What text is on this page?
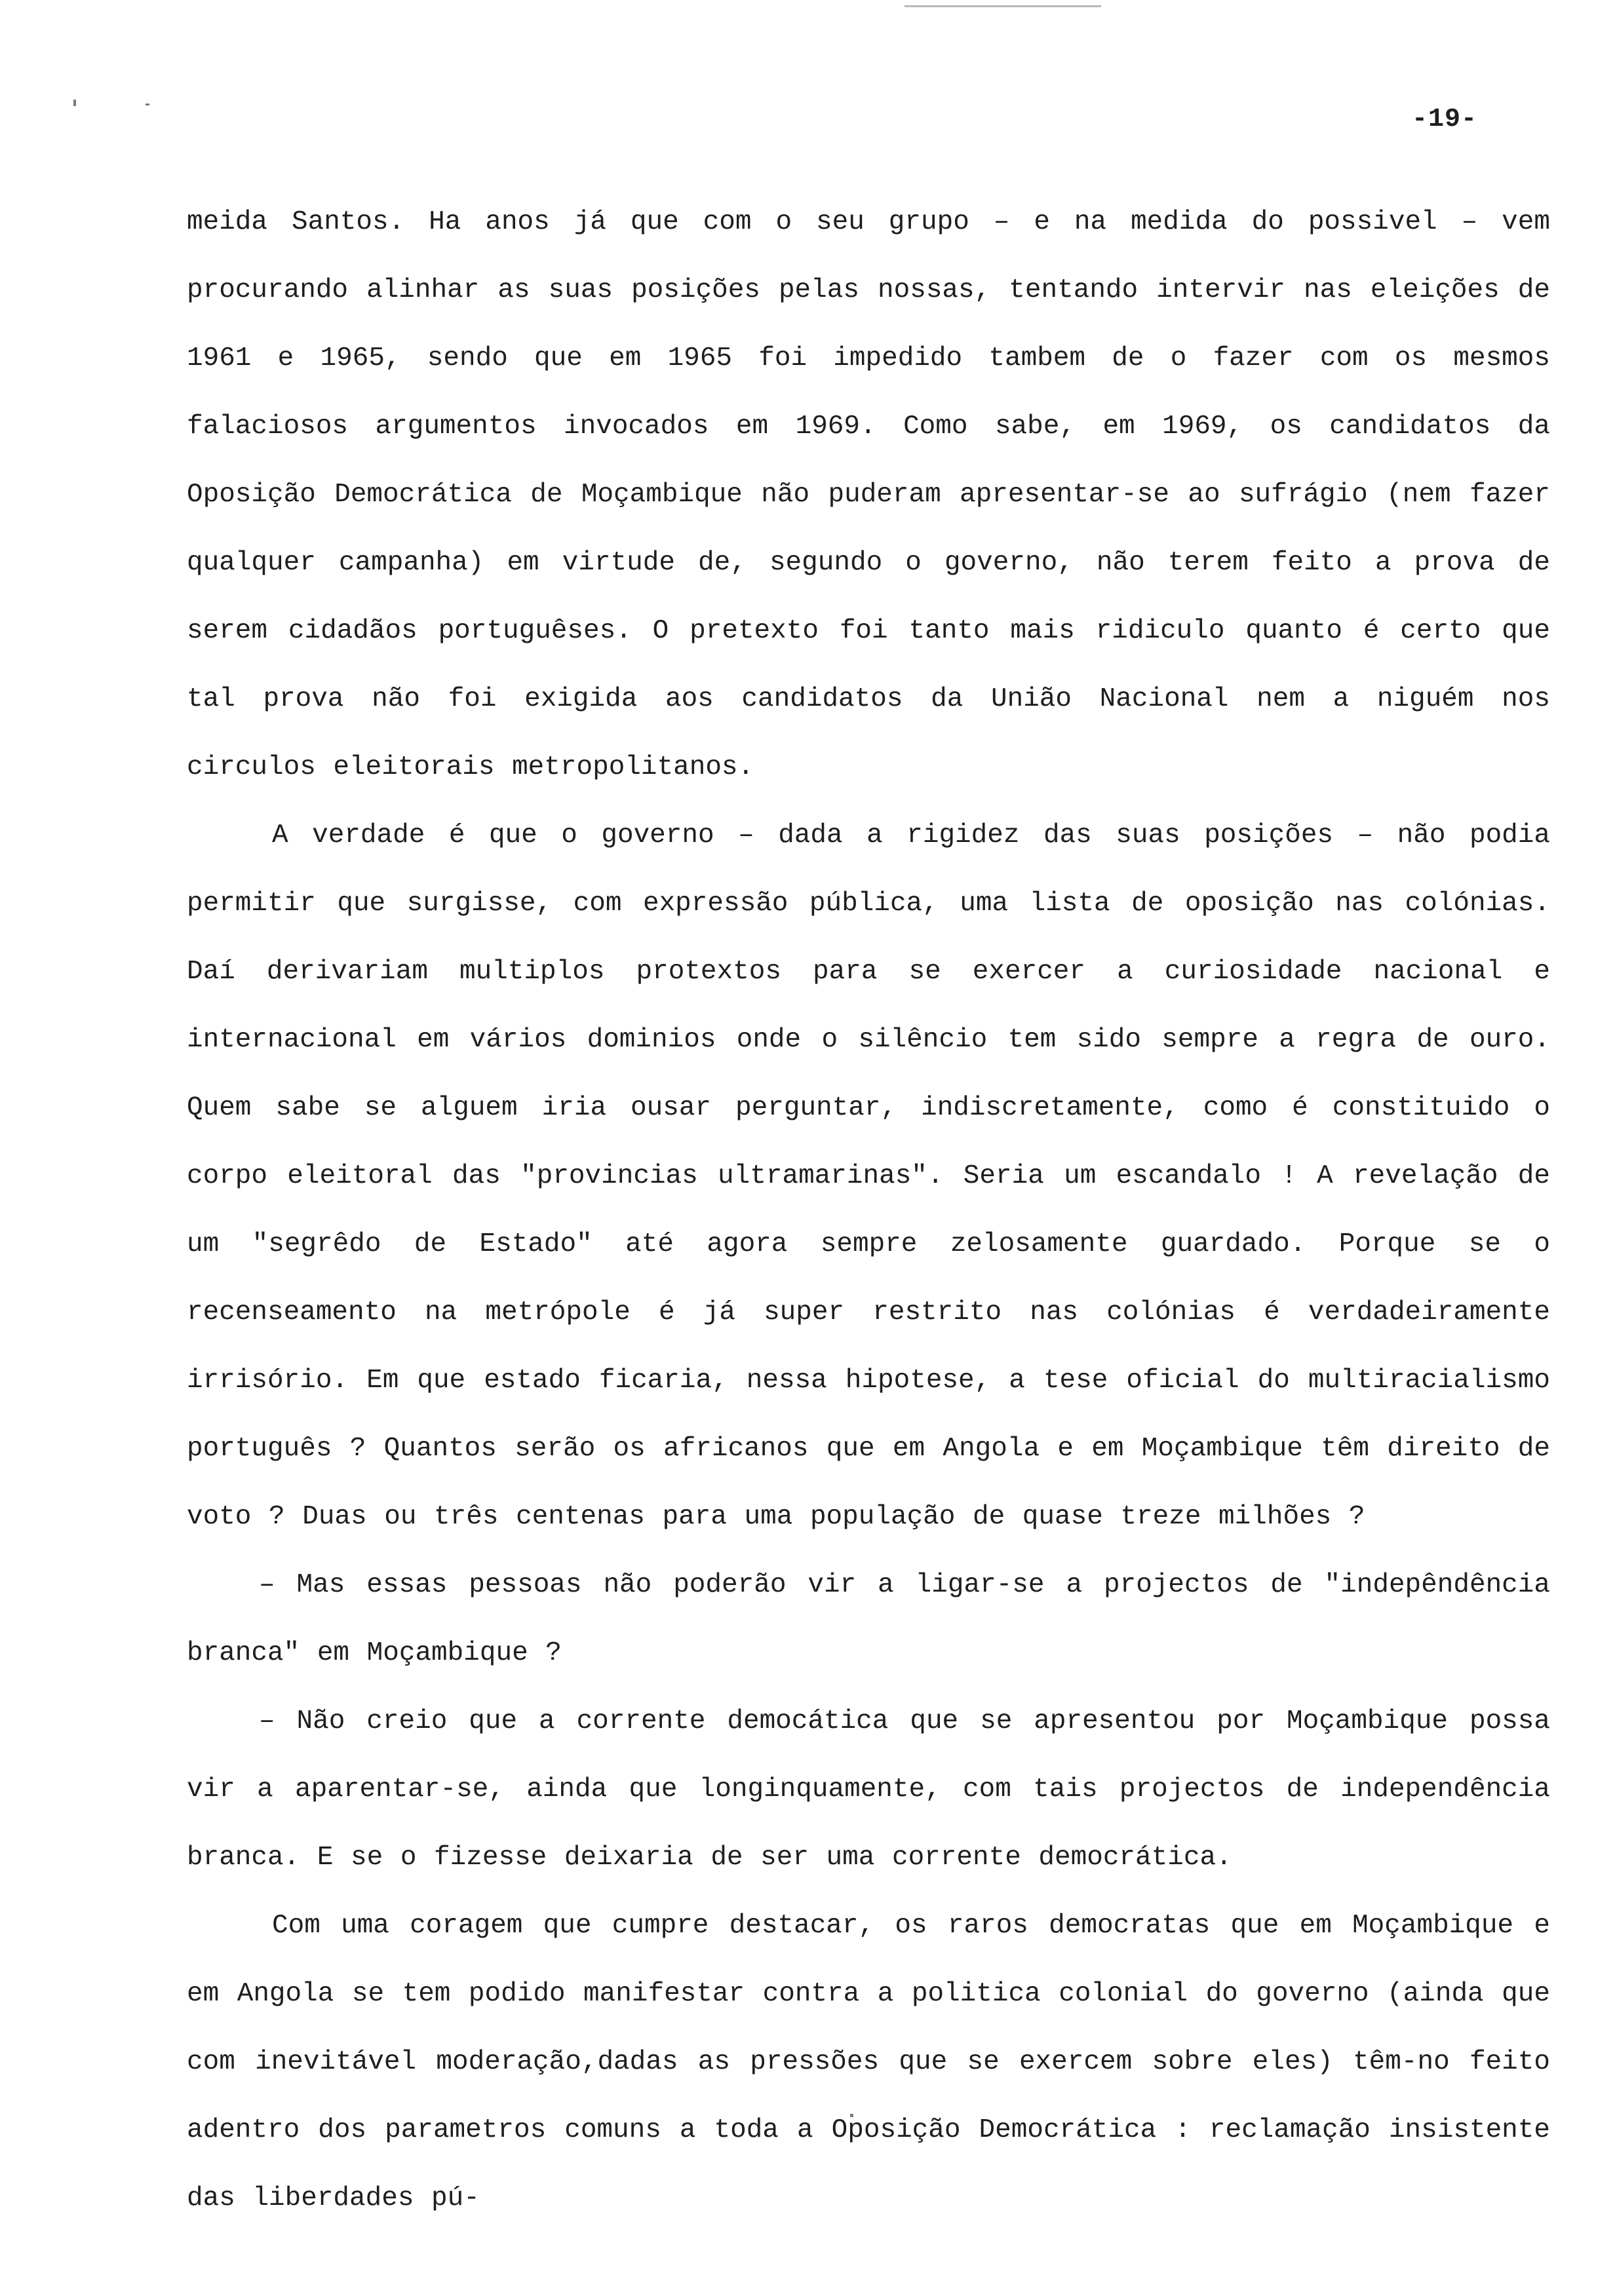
-19-

meida Santos. Ha anos já que com o seu grupo – e na medida do possivel – vem procurando alinhar as suas posições pelas nossas, tentando intervir nas eleições de 1961 e 1965, sendo que em 1965 foi impedido tambem de o fazer com os mesmos falaciosos argumentos invocados em 1969. Como sabe, em 1969, os candidatos da Oposição Democrática de Moçambique não puderam apresentar-se ao sufrágio (nem fazer qualquer campanha) em virtude de, segundo o governo, não terem feito a prova de serem cidadãos portuguêses. O pretexto foi tanto mais ridiculo quanto é certo que tal prova não foi exigida aos candidatos da União Nacional nem a niguém nos circulos eleitorais metropolitanos.

A verdade é que o governo – dada a rigidez das suas posições – não podia permitir que surgisse, com expressão pública, uma lista de oposição nas colónias. Daí derivariam multiplos protextos para se exercer a curiosidade nacional e internacional em vários dominios onde o silêncio tem sido sempre a regra de ouro. Quem sabe se alguem iria ousar perguntar, indiscretamente, como é constituido o corpo eleitoral das "provincias ultramarinas". Seria um escandalo ! A revelação de um "segrêdo de Estado" até agora sempre zelosamente guardado. Porque se o recenseamento na metrópole é já super restrito nas colónias é verdadeiramente irrisório. Em que estado ficaria, nessa hipotese, a tese oficial do multiracialismo português ? Quantos serão os africanos que em Angola e em Moçambique têm direito de voto ? Duas ou três centenas para uma população de quase treze milhões ?

– Mas essas pessoas não poderão vir a ligar-se a projectos de "indepêndência branca" em Moçambique ?

– Não creio que a corrente democática que se apresentou por Moçambique possa vir a aparentar-se, ainda que longinquamente, com tais projectos de independência branca. E se o fizesse deixaria de ser uma corrente democrática.

Com uma coragem que cumpre destacar, os raros democratas que em Moçambique e em Angola se tem podido manifestar contra a politica colonial do governo (ainda que com inevitável moderação,dadas as pressões que se exercem sobre eles) têm-no feito adentro dos parametros comuns a toda a Oposição Democrática : reclamação insistente das liberdades pú-
